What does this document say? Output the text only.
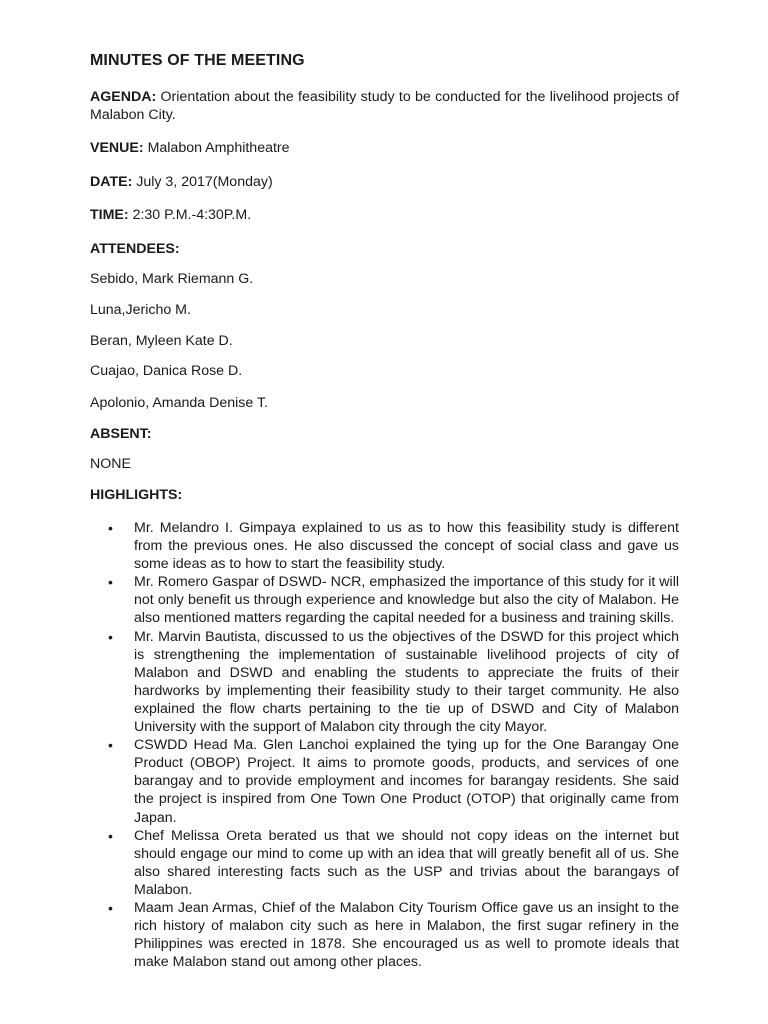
MINUTES OF THE MEETING
AGENDA: Orientation about the feasibility study to be conducted for the livelihood projects of Malabon City.
VENUE: Malabon Amphitheatre
DATE: July 3, 2017(Monday)
TIME: 2:30 P.M.-4:30P.M.
ATTENDEES:
Sebido, Mark Riemann G.
Luna,Jericho M.
Beran, Myleen Kate D.
Cuajao, Danica Rose D.
Apolonio, Amanda Denise T.
ABSENT:
NONE
HIGHLIGHTS:
• Mr. Melandro I. Gimpaya explained to us as to how this feasibility study is different from the previous ones. He also discussed the concept of social class and gave us some ideas as to how to start the feasibility study.
• Mr. Romero Gaspar of DSWD- NCR, emphasized the importance of this study for it will not only benefit us through experience and knowledge but also the city of Malabon. He also mentioned matters regarding the capital needed for a business and training skills.
• Mr. Marvin Bautista, discussed to us the objectives of the DSWD for this project which is strengthening the implementation of sustainable livelihood projects of city of Malabon and DSWD and enabling the students to appreciate the fruits of their hardworks by implementing their feasibility study to their target community. He also explained the flow charts pertaining to the tie up of DSWD and City of Malabon University with the support of Malabon city through the city Mayor.
• CSWDD Head Ma. Glen Lanchoi explained the tying up for the One Barangay One Product (OBOP) Project. It aims to promote goods, products, and services of one barangay and to provide employment and incomes for barangay residents. She said the project is inspired from One Town One Product (OTOP) that originally came from Japan.
• Chef Melissa Oreta berated us that we should not copy ideas on the internet but should engage our mind to come up with an idea that will greatly benefit all of us. She also shared interesting facts such as the USP and trivias about the barangays of Malabon.
• Maam Jean Armas, Chief of the Malabon City Tourism Office gave us an insight to the rich history of malabon city such as here in Malabon, the first sugar refinery in the Philippines was erected in 1878. She encouraged us as well to promote ideals that make Malabon stand out among other places.
